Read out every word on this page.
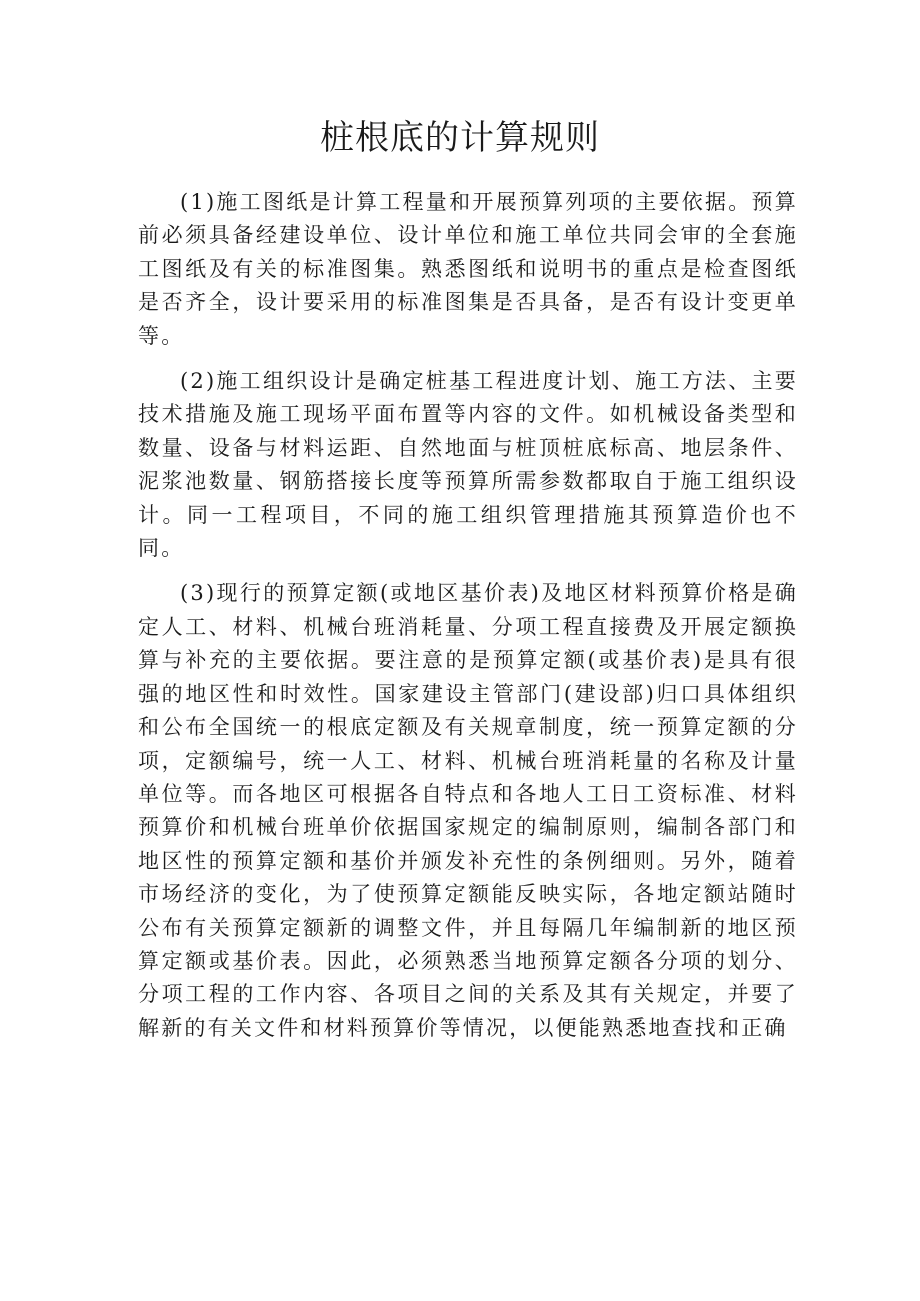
桩根底的计算规则

(1)施工图纸是计算工程量和开展预算列项的主要依据。预算前必须具备经建设单位、设计单位和施工单位共同会审的全套施工图纸及有关的标准图集。熟悉图纸和说明书的重点是检查图纸是否齐全，设计要采用的标准图集是否具备，是否有设计变更单等。

(2)施工组织设计是确定桩基工程进度计划、施工方法、主要技术措施及施工现场平面布置等内容的文件。如机械设备类型和数量、设备与材料运距、自然地面与桩顶桩底标高、地层条件、泥浆池数量、钢筋搭接长度等预算所需参数都取自于施工组织设计。同一工程项目，不同的施工组织管理措施其预算造价也不同。

(3)现行的预算定额(或地区基价表)及地区材料预算价格是确定人工、材料、机械台班消耗量、分项工程直接费及开展定额换算与补充的主要依据。要注意的是预算定额(或基价表)是具有很强的地区性和时效性。国家建设主管部门(建设部)归口具体组织和公布全国统一的根底定额及有关规章制度，统一预算定额的分项，定额编号，统一人工、材料、机械台班消耗量的名称及计量单位等。而各地区可根据各自特点和各地人工日工资标准、材料预算价和机械台班单价依据国家规定的编制原则，编制各部门和地区性的预算定额和基价并颁发补充性的条例细则。另外，随着市场经济的变化，为了使预算定额能反映实际，各地定额站随时公布有关预算定额新的调整文件，并且每隔几年编制新的地区预算定额或基价表。因此，必须熟悉当地预算定额各分项的划分、分项工程的工作内容、各项目之间的关系及其有关规定，并要了解新的有关文件和材料预算价等情况，以便能熟悉地查找和正确
